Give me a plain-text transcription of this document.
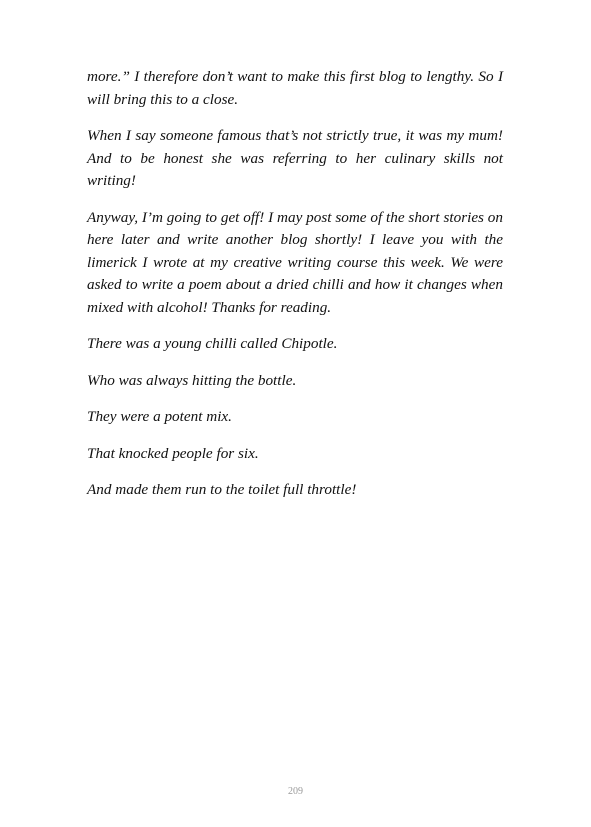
more.” I therefore don’t want to make this first blog to lengthy. So I will bring this to a close.

When I say someone famous that’s not strictly true, it was my mum! And to be honest she was referring to her culinary skills not writing!

Anyway, I’m going to get off! I may post some of the short stories on here later and write another blog shortly! I leave you with the limerick I wrote at my creative writing course this week. We were asked to write a poem about a dried chilli and how it changes when mixed with alcohol! Thanks for reading.

There was a young chilli called Chipotle.

Who was always hitting the bottle.

They were a potent mix.

That knocked people for six.

And made them run to the toilet full throttle!

209
